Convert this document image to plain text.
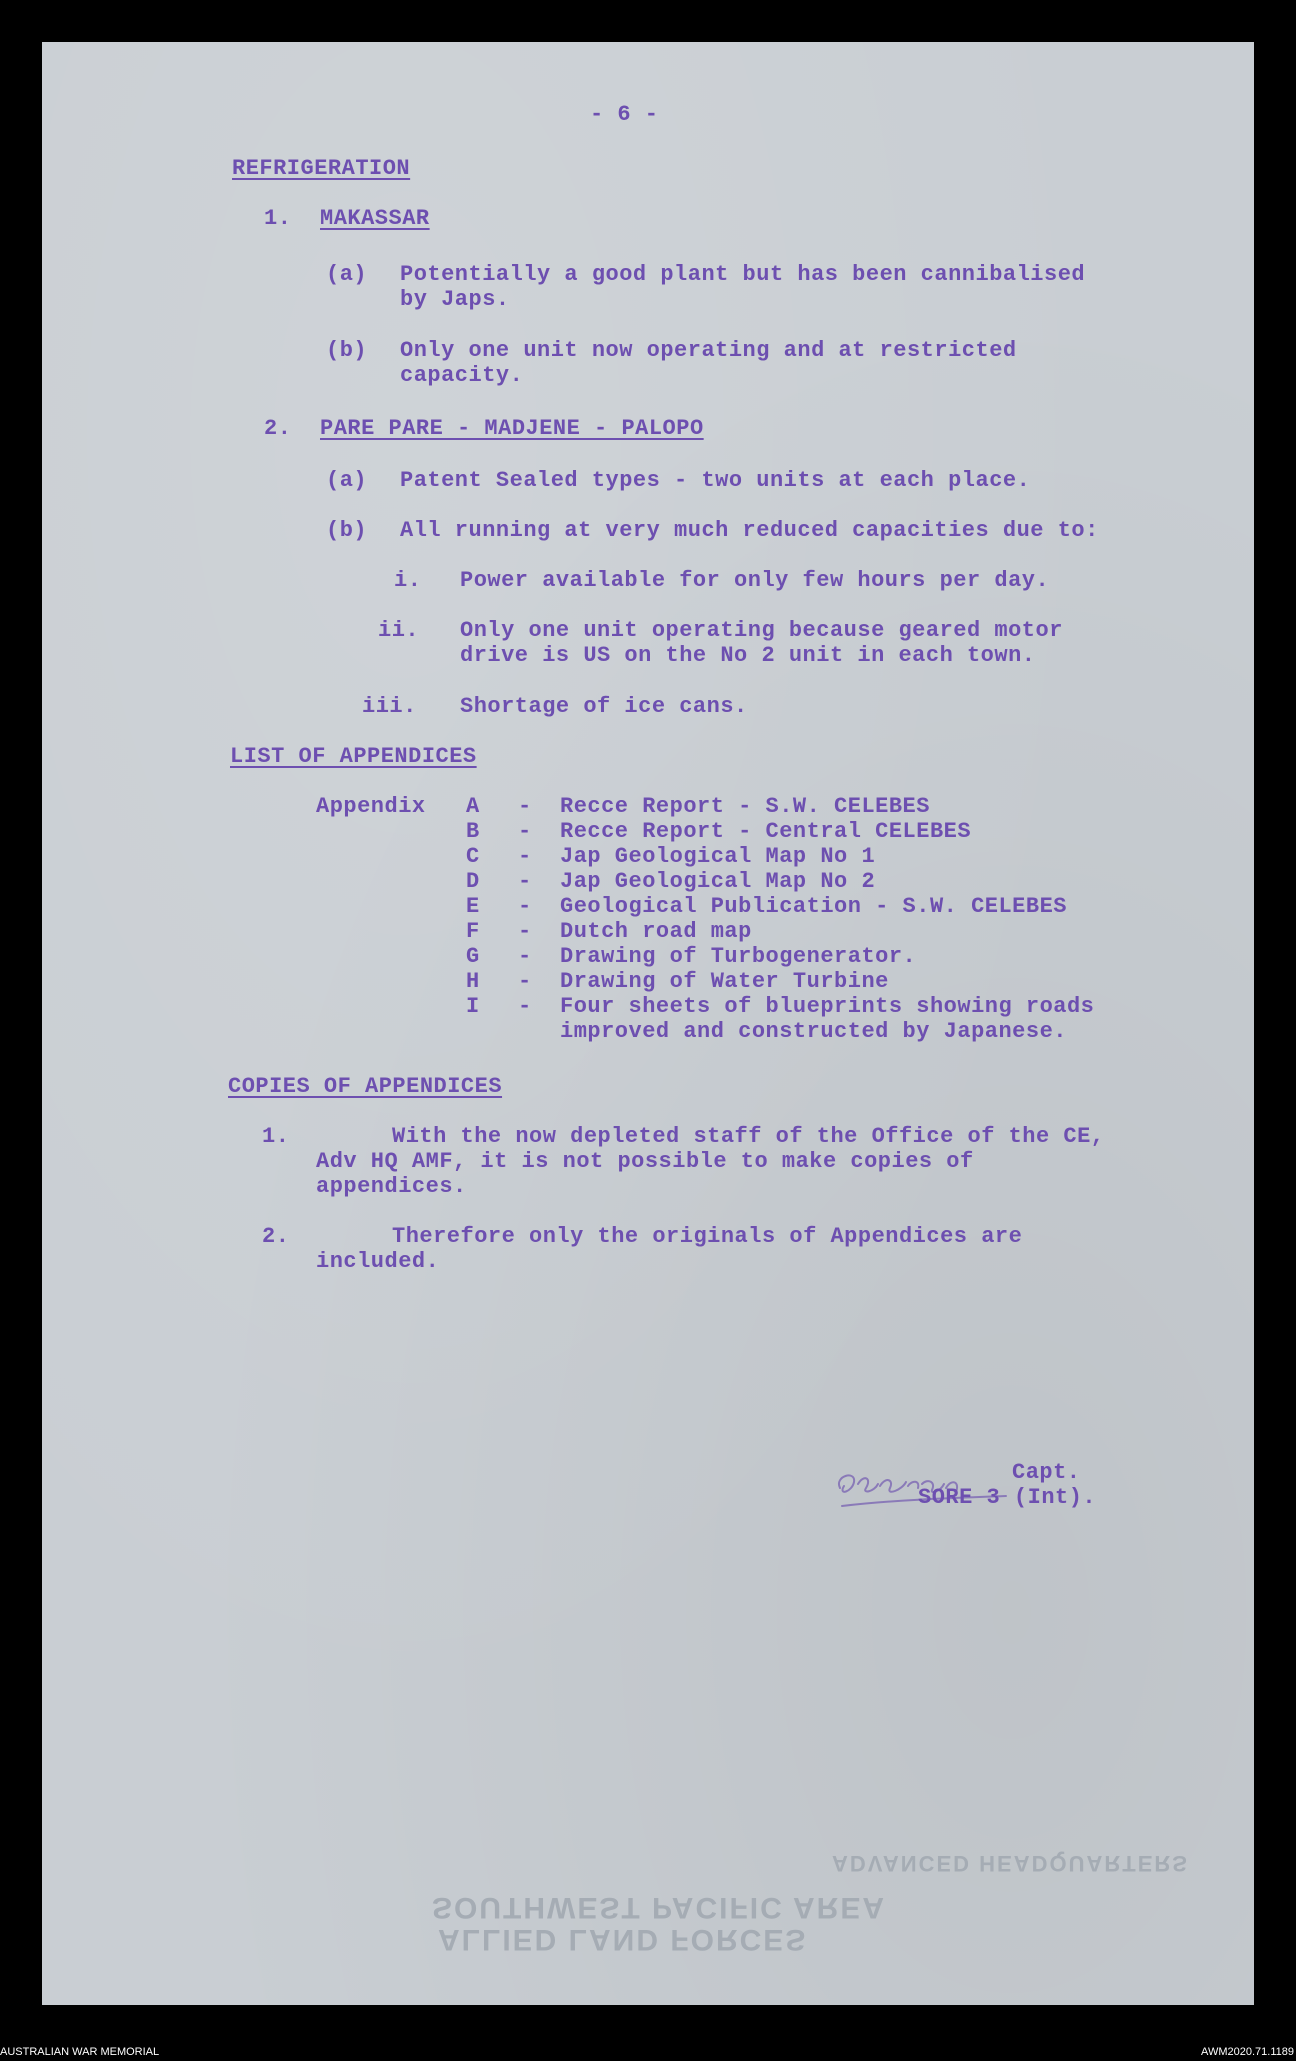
- 6 -
REFRIGERATION
1. MAKASSAR
(a) Potentially a good plant but has been cannibalised
by Japs.
(b) Only one unit now operating and at restricted
capacity.
2. PARE PARE - MADJENE - PALOPO
(a) Patent Sealed types - two units at each place.
(b) All running at very much reduced capacities due to:
i. Power available for only few hours per day.
ii. Only one unit operating because geared motor
drive is US on the No 2 unit in each town.
iii. Shortage of ice cans.
LIST OF APPENDICES
Appendix A - Recce Report - S.W. CELEBES
B - Recce Report - Central CELEBES
C - Jap Geological Map No 1
D - Jap Geological Map No 2
E - Geological Publication - S.W. CELEBES
F - Dutch road map
G - Drawing of Turbogenerator.
H - Drawing of Water Turbine
I - Four sheets of blueprints showing roads
improved and constructed by Japanese.
COPIES OF APPENDICES
1.	With the now depleted staff of the Office of the CE,
Adv HQ AMF, it is not possible to make copies of
appendices.
2.	Therefore only the originals of Appendices are
included.
Capt.
SORE 3 (Int).
ADVANCED HEADQUARTERS
SOUTHWEST PACIFIC AREA
ALLIED LAND FORCES
AUSTRALIAN WAR MEMORIAL	AWM2020.71.1189
